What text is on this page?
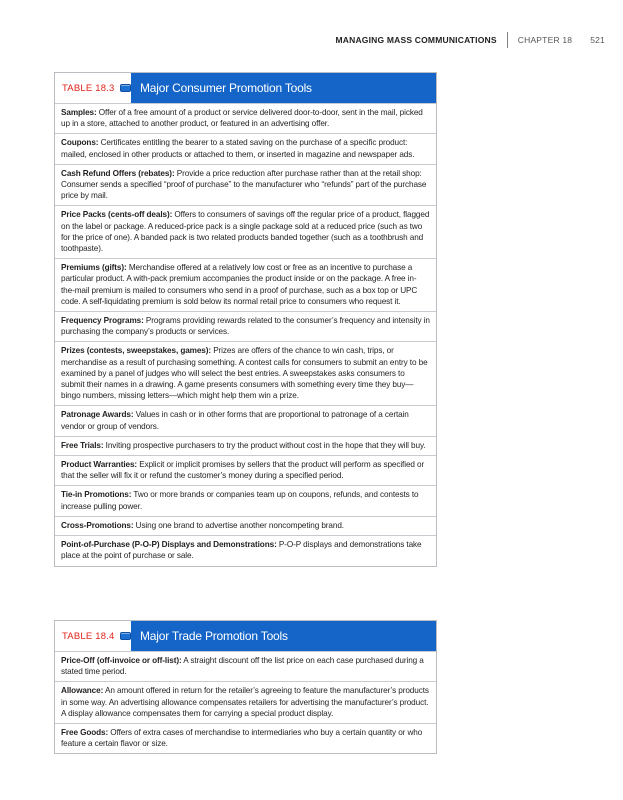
MANAGING MASS COMMUNICATIONS CHAPTER 18 521
TABLE 18.3	Major Consumer Promotion Tools
Samples: Offer of a free amount of a product or service delivered door-to-door, sent in the mail, picked up in a store, attached to another product, or featured in an advertising offer.
Coupons: Certificates entitling the bearer to a stated saving on the purchase of a specific product: mailed, enclosed in other products or attached to them, or inserted in magazine and newspaper ads.
Cash Refund Offers (rebates): Provide a price reduction after purchase rather than at the retail shop: Consumer sends a specified “proof of purchase” to the manufacturer who “refunds” part of the purchase price by mail.
Price Packs (cents-off deals): Offers to consumers of savings off the regular price of a product, flagged on the label or package. A reduced-price pack is a single package sold at a reduced price (such as two for the price of one). A banded pack is two related products banded together (such as a toothbrush and toothpaste).
Premiums (gifts): Merchandise offered at a relatively low cost or free as an incentive to purchase a particular product. A with-pack premium accompanies the product inside or on the package. A free in-the-mail premium is mailed to consumers who send in a proof of purchase, such as a box top or UPC code. A self-liquidating premium is sold below its normal retail price to consumers who request it.
Frequency Programs: Programs providing rewards related to the consumer’s frequency and intensity in purchasing the company’s products or services.
Prizes (contests, sweepstakes, games): Prizes are offers of the chance to win cash, trips, or merchandise as a result of purchasing something. A contest calls for consumers to submit an entry to be examined by a panel of judges who will select the best entries. A sweepstakes asks consumers to submit their names in a drawing. A game presents consumers with something every time they buy—bingo numbers, missing letters—which might help them win a prize.
Patronage Awards: Values in cash or in other forms that are proportional to patronage of a certain vendor or group of vendors.
Free Trials: Inviting prospective purchasers to try the product without cost in the hope that they will buy.
Product Warranties: Explicit or implicit promises by sellers that the product will perform as specified or that the seller will fix it or refund the customer’s money during a specified period.
Tie-in Promotions: Two or more brands or companies team up on coupons, refunds, and contests to increase pulling power.
Cross-Promotions: Using one brand to advertise another noncompeting brand.
Point-of-Purchase (P-O-P) Displays and Demonstrations: P-O-P displays and demonstrations take place at the point of purchase or sale.
TABLE 18.4	Major Trade Promotion Tools
Price-Off (off-invoice or off-list): A straight discount off the list price on each case purchased during a stated time period.
Allowance: An amount offered in return for the retailer’s agreeing to feature the manufacturer’s products in some way. An advertising allowance compensates retailers for advertising the manufacturer’s product. A display allowance compensates them for carrying a special product display.
Free Goods: Offers of extra cases of merchandise to intermediaries who buy a certain quantity or who feature a certain flavor or size.
